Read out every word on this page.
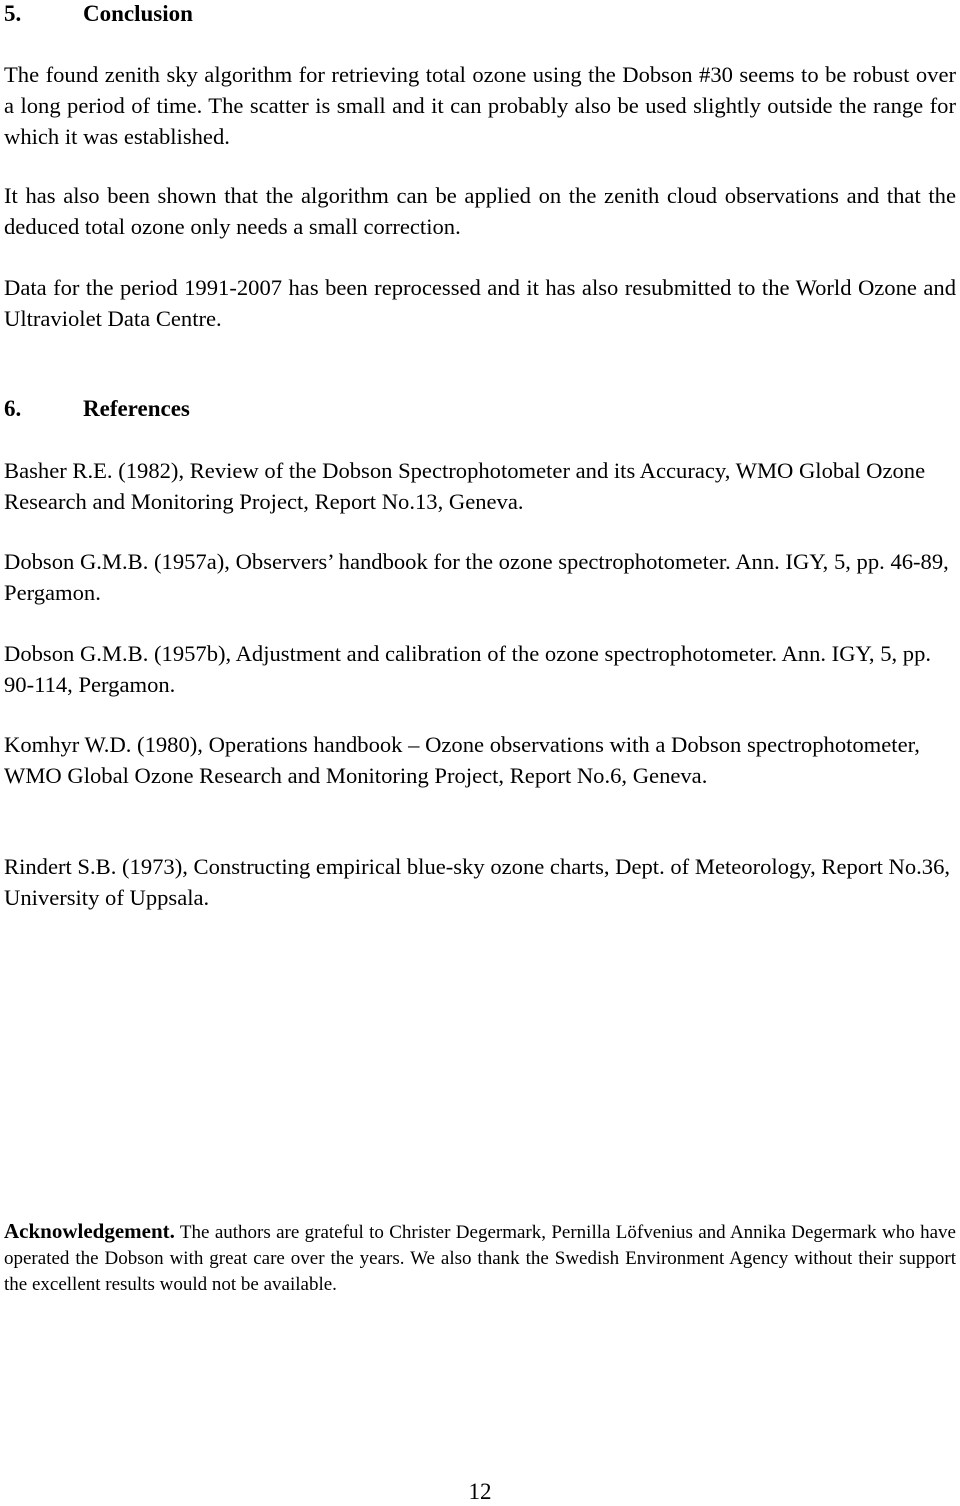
5.	Conclusion

The found zenith sky algorithm for retrieving total ozone using the Dobson #30 seems to be robust over a long period of time. The scatter is small and it can probably also be used slightly outside the range for which it was established.

It has also been shown that the algorithm can be applied on the zenith cloud observations and that the deduced total ozone only needs a small correction.

Data for the period 1991-2007 has been reprocessed and it has also resubmitted to the World Ozone and Ultraviolet Data Centre.

6.	References

Basher R.E. (1982), Review of the Dobson Spectrophotometer and its Accuracy, WMO Global Ozone Research and Monitoring Project, Report No.13, Geneva.

Dobson G.M.B. (1957a), Observers’ handbook for the ozone spectrophotometer. Ann. IGY, 5, pp. 46-89, Pergamon.

Dobson G.M.B. (1957b), Adjustment and calibration of the ozone spectrophotometer. Ann. IGY, 5, pp. 90-114, Pergamon.

Komhyr W.D. (1980), Operations handbook – Ozone observations with a Dobson spectrophotometer, WMO Global Ozone Research and Monitoring Project, Report No.6, Geneva.

Rindert S.B. (1973), Constructing empirical blue-sky ozone charts, Dept. of Meteorology, Report No.36, University of Uppsala.

Acknowledgement. The authors are grateful to Christer Degermark, Pernilla Löfvenius and Annika Degermark who have operated the Dobson with great care over the years. We also thank the Swedish Environment Agency without their support the excellent results would not be available.

12
